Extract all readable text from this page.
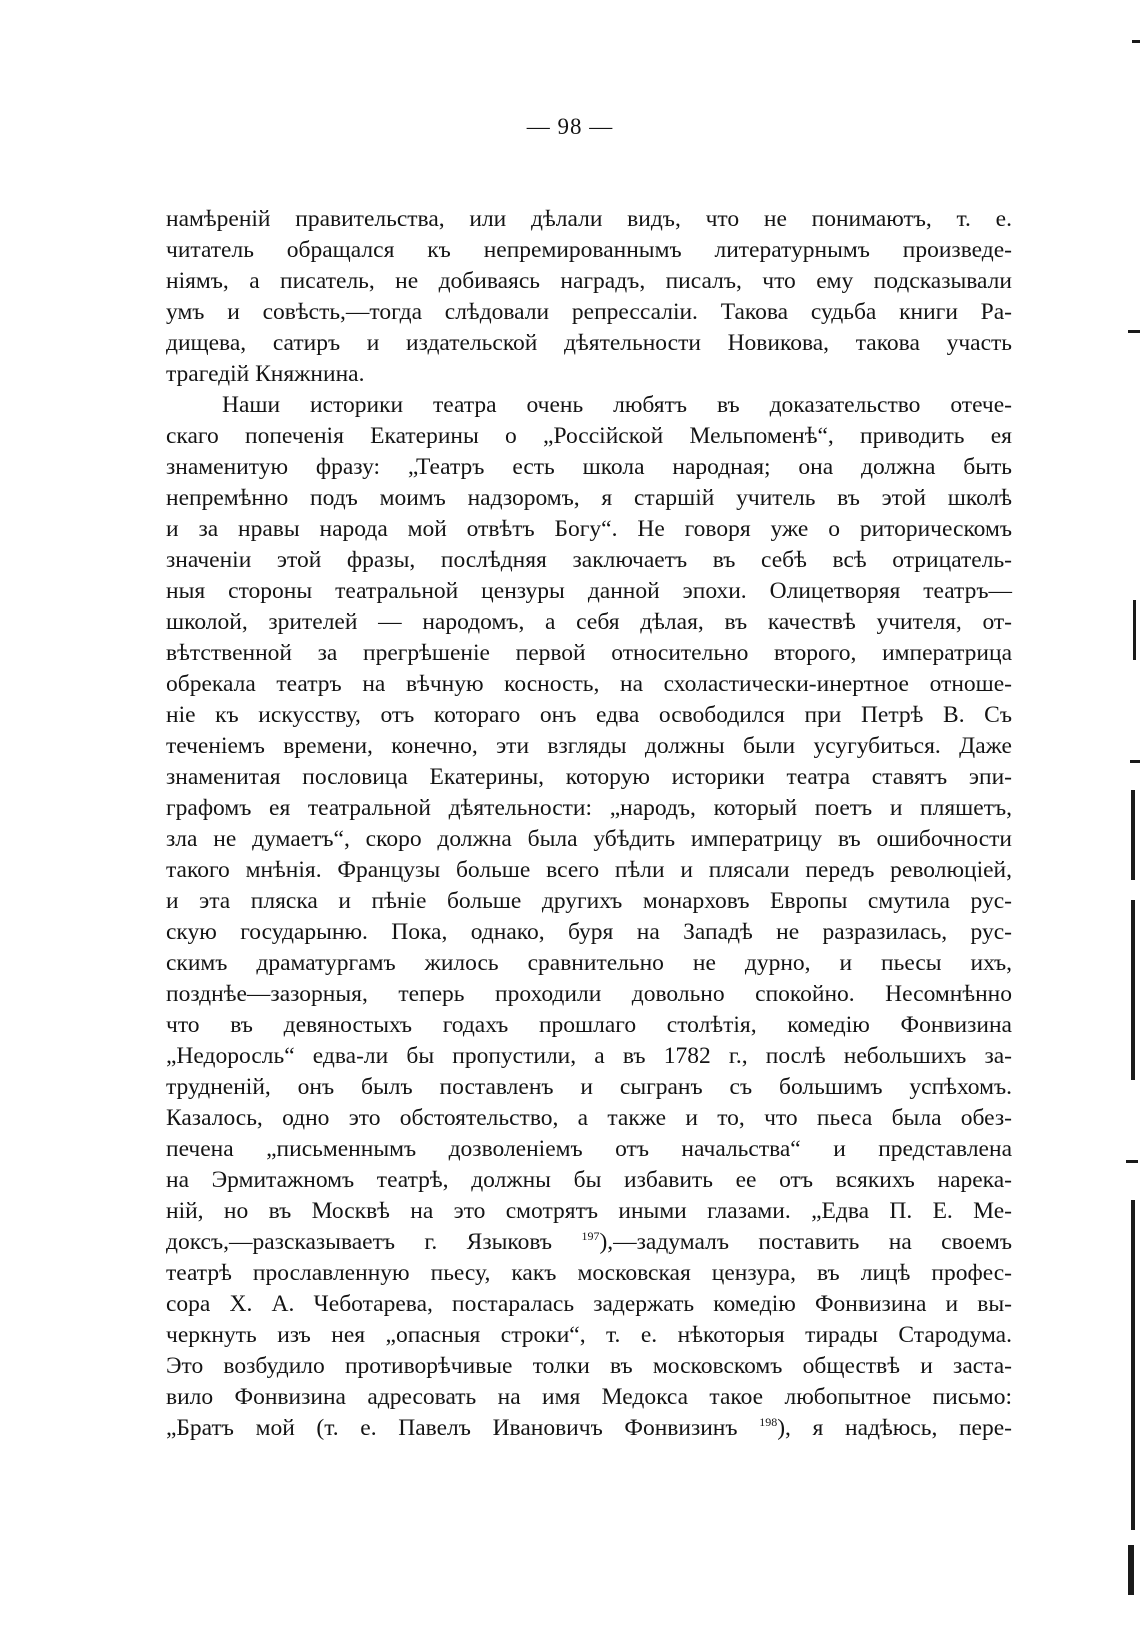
— 98 —
намѣреній правительства, или дѣлали видъ, что не понимаютъ, т. е.
читатель обращался къ непремированнымъ литературнымъ произведе-
ніямъ, а писатель, не добиваясь наградъ, писалъ, что ему подсказывали
умъ и совѣсть,—тогда слѣдовали репрессаліи. Такова судьба книги Ра-
дищева, сатиръ и издательской дѣятельности Новикова, такова участь
трагедій Княжнина.
Наши историки театра очень любятъ въ доказательство отече-
скаго попеченія Екатерины о „Россійской Мельпоменѣ“, приводить ея
знаменитую фразу: „Театръ есть школа народная; она должна быть
непремѣнно подъ моимъ надзоромъ, я старшій учитель въ этой школѣ
и за нравы народа мой отвѣтъ Богу“. Не говоря уже о риторическомъ
значеніи этой фразы, послѣдняя заключаетъ въ себѣ всѣ отрицатель-
ныя стороны театральной цензуры данной эпохи. Олицетворяя театръ—
школой, зрителей — народомъ, а себя дѣлая, въ качествѣ учителя, от-
вѣтственной за прегрѣшеніе первой относительно второго, императрица
обрекала театръ на вѣчную косность, на схоластически-инертное отноше-
ніе къ искусству, отъ котораго онъ едва освободился при Петрѣ В. Съ
теченіемъ времени, конечно, эти взгляды должны были усугубиться. Даже
знаменитая пословица Екатерины, которую историки театра ставятъ эпи-
графомъ ея театральной дѣятельности: „народъ, который поетъ и пляшетъ,
зла не думаетъ“, скоро должна была убѣдить императрицу въ ошибочности
такого мнѣнія. Французы больше всего пѣли и плясали передъ революціей,
и эта пляска и пѣніе больше другихъ монарховъ Европы смутила рус-
скую государыню. Пока, однако, буря на Западѣ не разразилась, рус-
скимъ драматургамъ жилось сравнительно не дурно, и пьесы ихъ,
позднѣе—зазорныя, теперь проходили довольно спокойно. Несомнѣнно
что въ девяностыхъ годахъ прошлаго столѣтія, комедію Фонвизина
„Недоросль“ едва-ли бы пропустили, а въ 1782 г., послѣ небольшихъ за-
трудненій, онъ былъ поставленъ и сыгранъ съ большимъ успѣхомъ.
Казалось, одно это обстоятельство, а также и то, что пьеса была обез-
печена „письменнымъ дозволеніемъ отъ начальства“ и представлена
на Эрмитажномъ театрѣ, должны бы избавить ее отъ всякихъ нарека-
ній, но въ Москвѣ на это смотрятъ иными глазами. „Едва П. Е. Ме-
доксъ,—разсказываетъ г. Языковъ $^{197}$),—задумалъ поставить на своемъ
театрѣ прославленную пьесу, какъ московская цензура, въ лицѣ профес-
сора Х. А. Чеботарева, постаралась задержать комедію Фонвизина и вы-
черкнуть изъ нея „опасныя строки“, т. е. нѣкоторыя тирады Стародума.
Это возбудило противорѣчивые толки въ московскомъ обществѣ и заста-
вило Фонвизина адресовать на имя Медокса такое любопытное письмо:
„Братъ мой (т. е. Павелъ Ивановичъ Фонвизинъ $^{198}$), я надѣюсь, пере-
